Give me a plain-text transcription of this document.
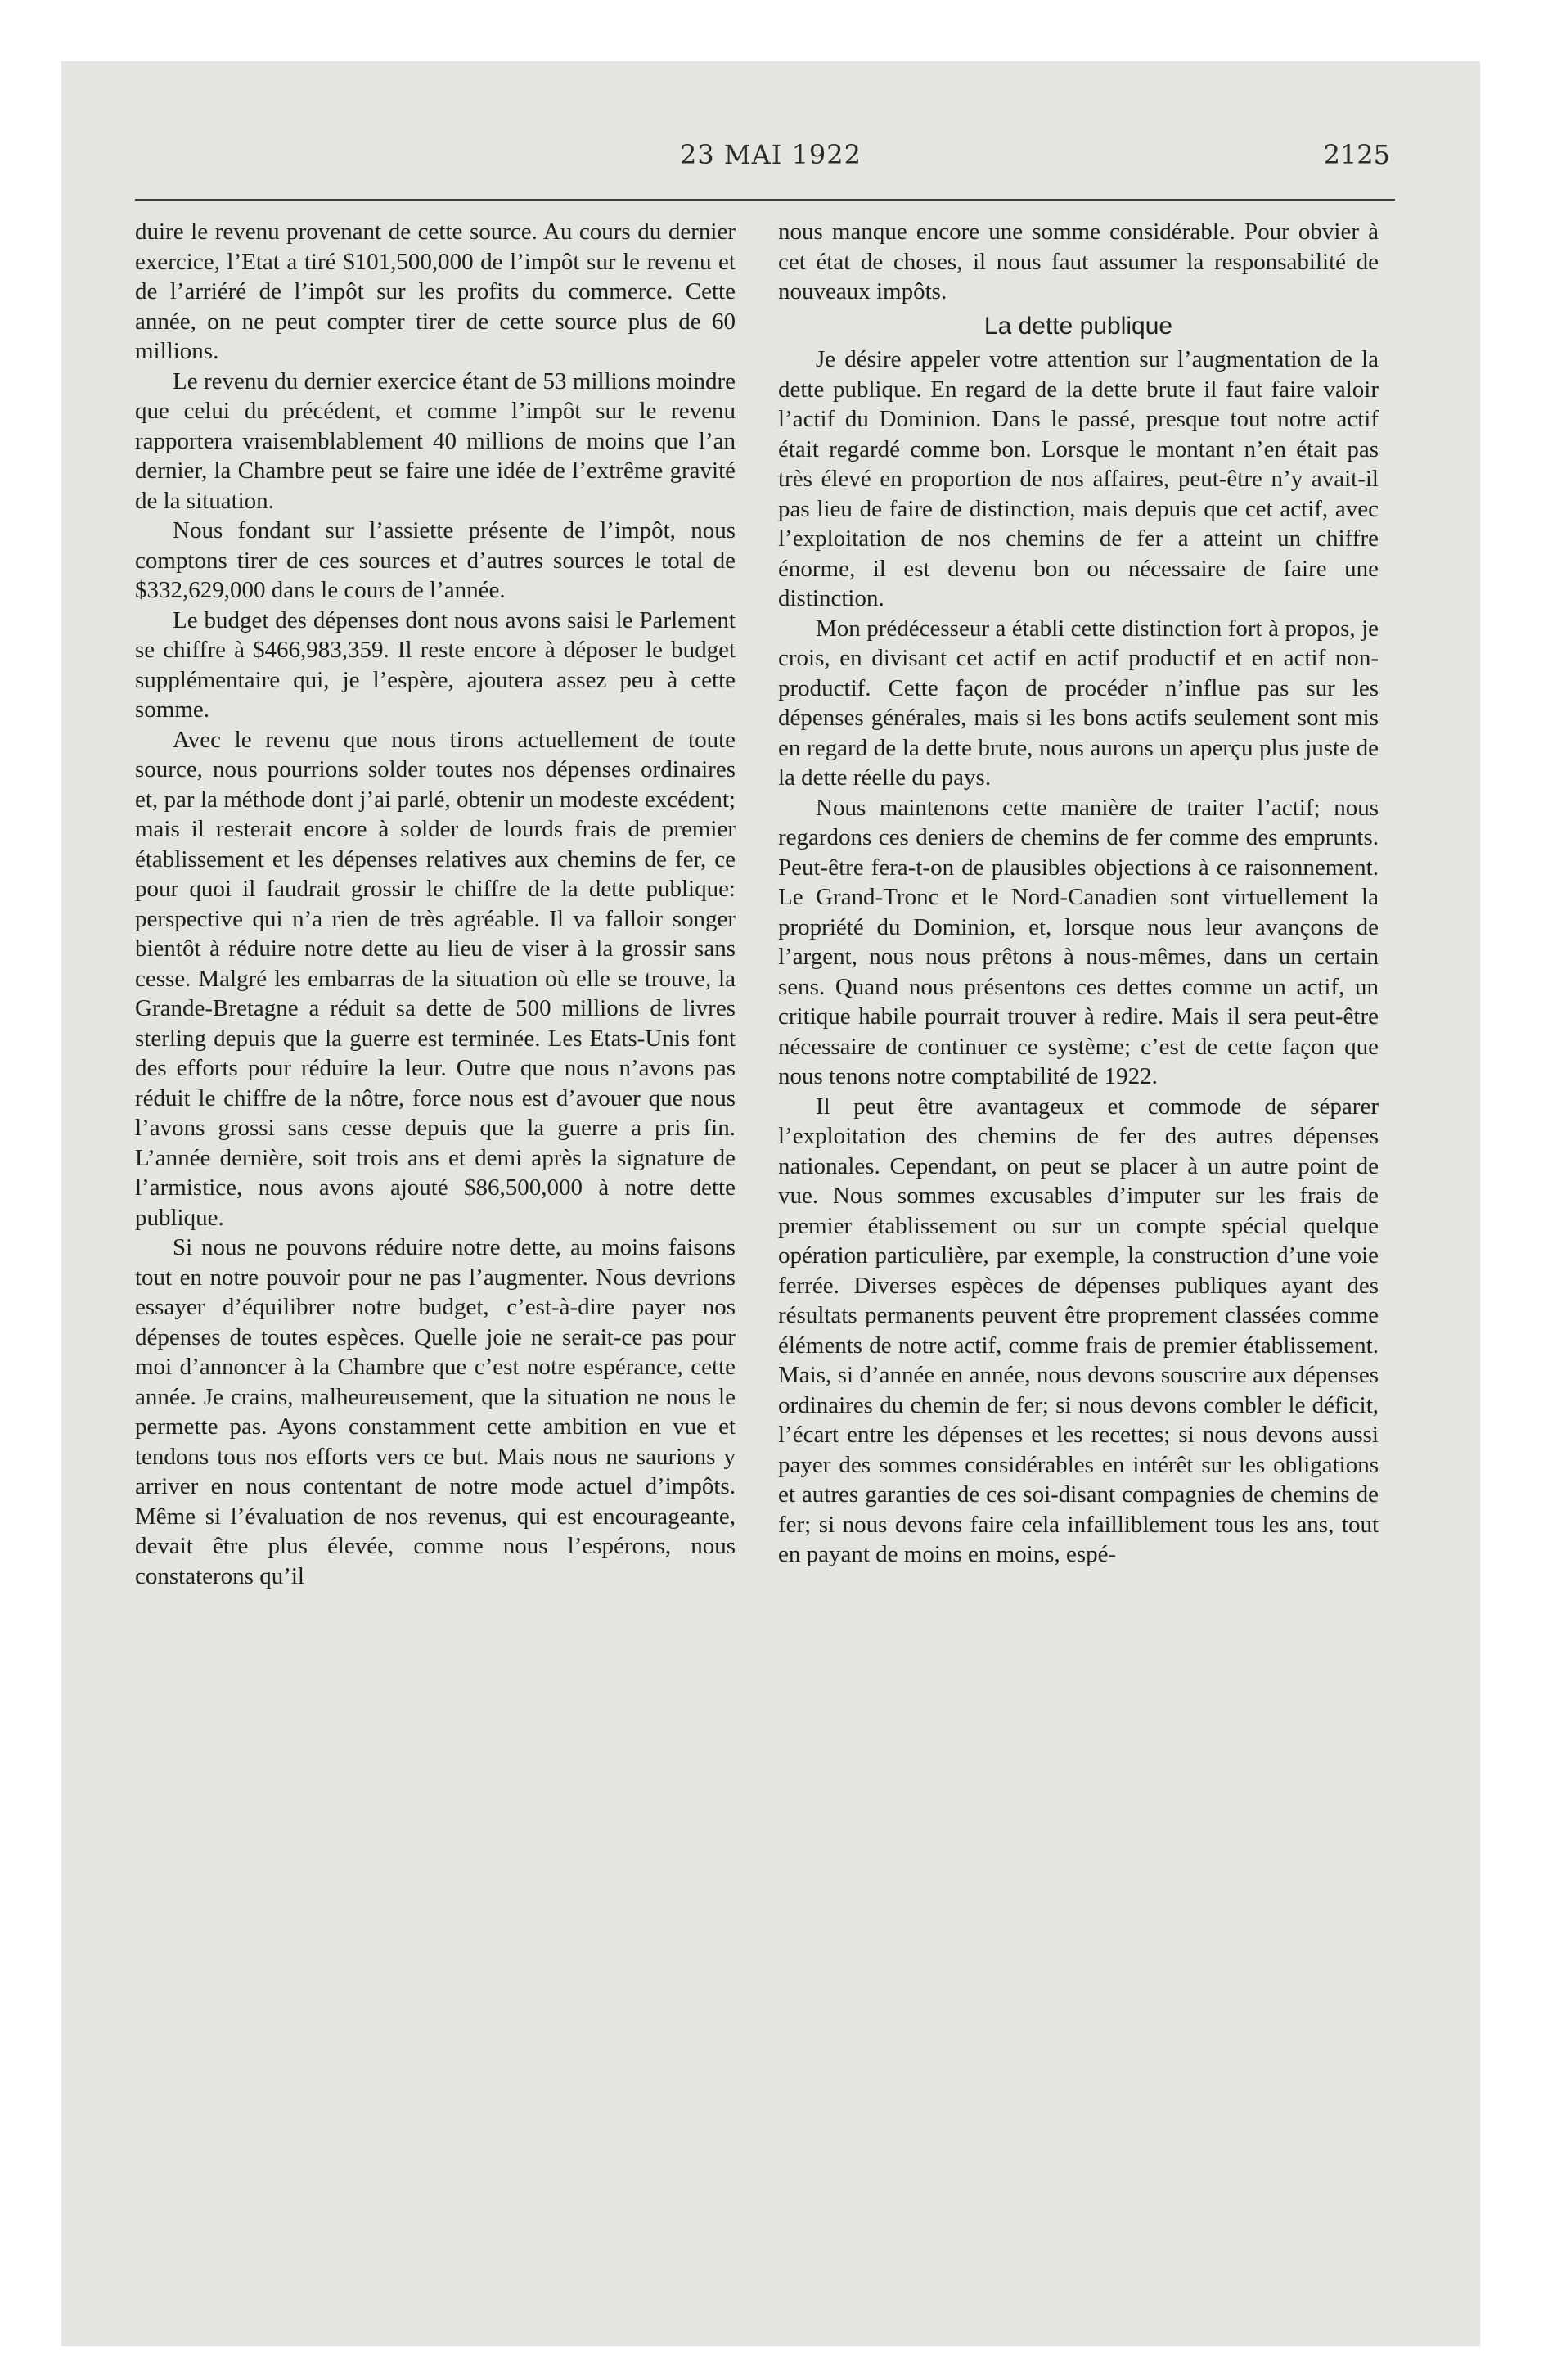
23 MAI 1922	2125

duire le revenu provenant de cette source. Au cours du dernier exercice, l’Etat a tiré $101,500,000 de l’impôt sur le revenu et de l’arriéré de l’impôt sur les profits du commerce. Cette année, on ne peut compter tirer de cette source plus de 60 millions.

Le revenu du dernier exercice étant de 53 millions moindre que celui du précédent, et comme l’impôt sur le revenu rapportera vraisemblablement 40 millions de moins que l’an dernier, la Chambre peut se faire une idée de l’extrême gravité de la situation.

Nous fondant sur l’assiette présente de l’impôt, nous comptons tirer de ces sources et d’autres sources le total de $332,629,000 dans le cours de l’année.

Le budget des dépenses dont nous avons saisi le Parlement se chiffre à $466,983,359. Il reste encore à déposer le budget supplémentaire qui, je l’espère, ajoutera assez peu à cette somme.

Avec le revenu que nous tirons actuellement de toute source, nous pourrions solder toutes nos dépenses ordinaires et, par la méthode dont j’ai parlé, obtenir un modeste excédent; mais il resterait encore à solder de lourds frais de premier établissement et les dépenses relatives aux chemins de fer, ce pour quoi il faudrait grossir le chiffre de la dette publique: perspective qui n’a rien de très agréable. Il va falloir songer bientôt à réduire notre dette au lieu de viser à la grossir sans cesse. Malgré les embarras de la situation où elle se trouve, la Grande-Bretagne a réduit sa dette de 500 millions de livres sterling depuis que la guerre est terminée. Les Etats-Unis font des efforts pour réduire la leur. Outre que nous n’avons pas réduit le chiffre de la nôtre, force nous est d’avouer que nous l’avons grossi sans cesse depuis que la guerre a pris fin. L’année dernière, soit trois ans et demi après la signature de l’armistice, nous avons ajouté $86,500,000 à notre dette publique.

Si nous ne pouvons réduire notre dette, au moins faisons tout en notre pouvoir pour ne pas l’augmenter. Nous devrions essayer d’équilibrer notre budget, c’est-à-dire payer nos dépenses de toutes espèces. Quelle joie ne serait-ce pas pour moi d’annoncer à la Chambre que c’est notre espérance, cette année. Je crains, malheureusement, que la situation ne nous le permette pas. Ayons constamment cette ambition en vue et tendons tous nos efforts vers ce but. Mais nous ne saurions y arriver en nous contentant de notre mode actuel d’impôts. Même si l’évaluation de nos revenus, qui est encourageante, devait être plus élevée, comme nous l’espérons, nous constaterons qu’il

nous manque encore une somme considérable. Pour obvier à cet état de choses, il nous faut assumer la responsabilité de nouveaux impôts.

La dette publique

Je désire appeler votre attention sur l’augmentation de la dette publique. En regard de la dette brute il faut faire valoir l’actif du Dominion. Dans le passé, presque tout notre actif était regardé comme bon. Lorsque le montant n’en était pas très élevé en proportion de nos affaires, peut-être n’y avait-il pas lieu de faire de distinction, mais depuis que cet actif, avec l’exploitation de nos chemins de fer a atteint un chiffre énorme, il est devenu bon ou nécessaire de faire une distinction.

Mon prédécesseur a établi cette distinction fort à propos, je crois, en divisant cet actif en actif productif et en actif non-productif. Cette façon de procéder n’influe pas sur les dépenses générales, mais si les bons actifs seulement sont mis en regard de la dette brute, nous aurons un aperçu plus juste de la dette réelle du pays.

Nous maintenons cette manière de traiter l’actif; nous regardons ces deniers de chemins de fer comme des emprunts. Peut-être fera-t-on de plausibles objections à ce raisonnement. Le Grand-Tronc et le Nord-Canadien sont virtuellement la propriété du Dominion, et, lorsque nous leur avançons de l’argent, nous nous prêtons à nous-mêmes, dans un certain sens. Quand nous présentons ces dettes comme un actif, un critique habile pourrait trouver à redire. Mais il sera peut-être nécessaire de continuer ce système; c’est de cette façon que nous tenons notre comptabilité de 1922.

Il peut être avantageux et commode de séparer l’exploitation des chemins de fer des autres dépenses nationales. Cependant, on peut se placer à un autre point de vue. Nous sommes excusables d’imputer sur les frais de premier établissement ou sur un compte spécial quelque opération particulière, par exemple, la construction d’une voie ferrée. Diverses espèces de dépenses publiques ayant des résultats permanents peuvent être proprement classées comme éléments de notre actif, comme frais de premier établissement. Mais, si d’année en année, nous devons souscrire aux dépenses ordinaires du chemin de fer; si nous devons combler le déficit, l’écart entre les dépenses et les recettes; si nous devons aussi payer des sommes considérables en intérêt sur les obligations et autres garanties de ces soi-disant compagnies de chemins de fer; si nous devons faire cela infailliblement tous les ans, tout en payant de moins en moins, espé-
